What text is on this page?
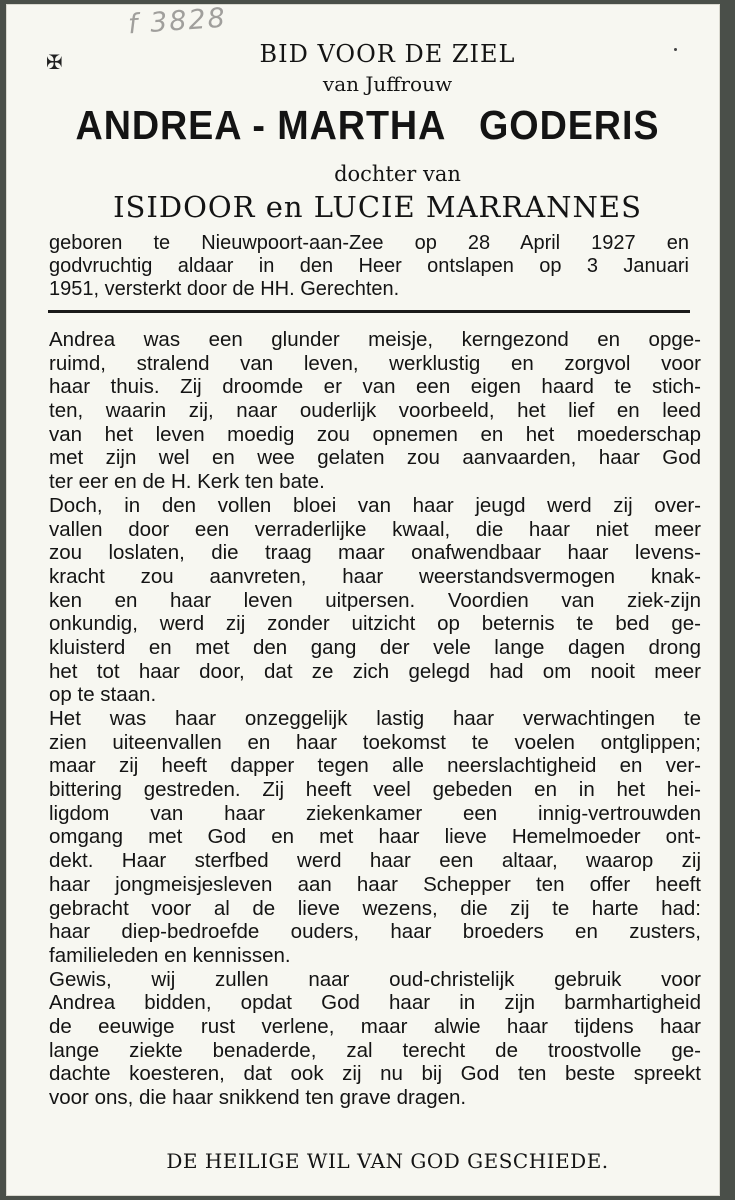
f 3828
✠	BID VOOR DE ZIEL
van Juffrouw
ANDREA - MARTHA   GODERIS
dochter van
ISIDOOR en LUCIE MARRANNES
geboren te Nieuwpoort-aan-Zee op 28 April 1927 en
godvruchtig aldaar in den Heer ontslapen op 3 Januari
1951, versterkt door de HH. Gerechten.
Andrea was een glunder meisje, kerngezond en opge-
ruimd, stralend van leven, werklustig en zorgvol voor
haar thuis. Zij droomde er van een eigen haard te stich-
ten, waarin zij, naar ouderlijk voorbeeld, het lief en leed
van het leven moedig zou opnemen en het moederschap
met zijn wel en wee gelaten zou aanvaarden, haar God
ter eer en de H. Kerk ten bate.
Doch, in den vollen bloei van haar jeugd werd zij over-
vallen door een verraderlijke kwaal, die haar niet meer
zou loslaten, die traag maar onafwendbaar haar levens-
kracht zou aanvreten, haar weerstandsvermogen knak-
ken en haar leven uitpersen. Voordien van ziek-zijn
onkundig, werd zij zonder uitzicht op beternis te bed ge-
kluisterd en met den gang der vele lange dagen drong
het tot haar door, dat ze zich gelegd had om nooit meer
op te staan.
Het was haar onzeggelijk lastig haar verwachtingen te
zien uiteenvallen en haar toekomst te voelen ontglippen;
maar zij heeft dapper tegen alle neerslachtigheid en ver-
bittering gestreden. Zij heeft veel gebeden en in het hei-
ligdom van haar ziekenkamer een innig-vertrouwden
omgang met God en met haar lieve Hemelmoeder ont-
dekt. Haar sterfbed werd haar een altaar, waarop zij
haar jongmeisjesleven aan haar Schepper ten offer heeft
gebracht voor al de lieve wezens, die zij te harte had:
haar diep-bedroefde ouders, haar broeders en zusters,
familieleden en kennissen.
Gewis, wij zullen naar oud-christelijk gebruik voor
Andrea bidden, opdat God haar in zijn barmhartigheid
de eeuwige rust verlene, maar alwie haar tijdens haar
lange ziekte benaderde, zal terecht de troostvolle ge-
dachte koesteren, dat ook zij nu bij God ten beste spreekt
voor ons, die haar snikkend ten grave dragen.
DE HEILIGE WIL VAN GOD GESCHIEDE.
